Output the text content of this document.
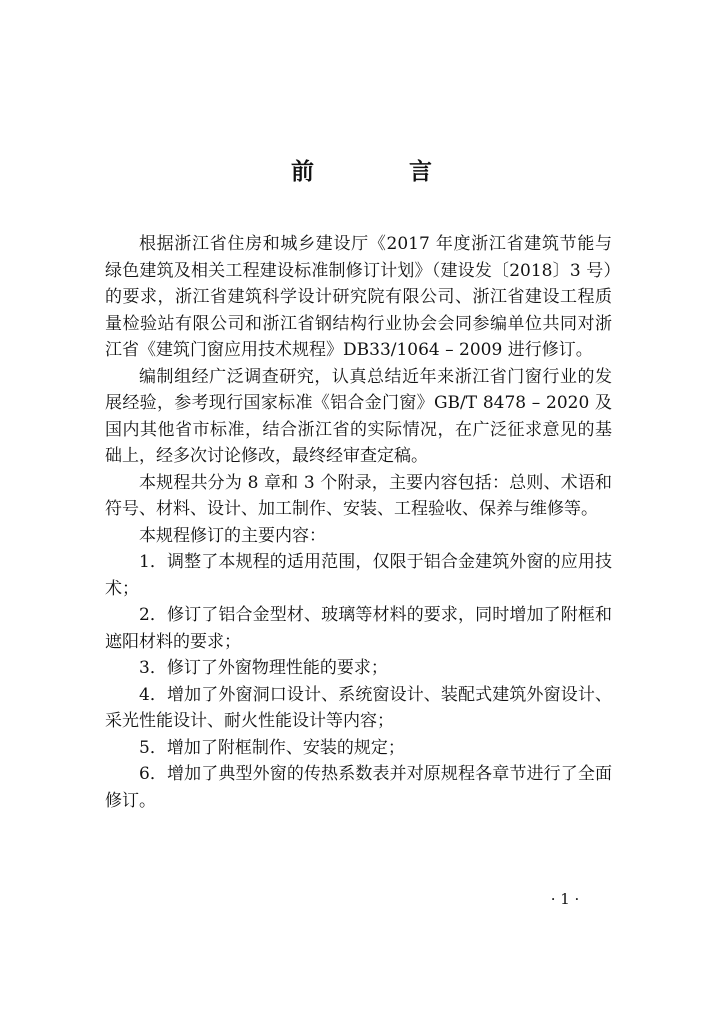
前　言

根据浙江省住房和城乡建设厅《2017 年度浙江省建筑节能与绿色建筑及相关工程建设标准制修订计划》（建设发〔2018〕3 号）的要求，浙江省建筑科学设计研究院有限公司、浙江省建设工程质量检验站有限公司和浙江省钢结构行业协会会同参编单位共同对浙江省《建筑门窗应用技术规程》DB33/1064 – 2009 进行修订。

编制组经广泛调查研究，认真总结近年来浙江省门窗行业的发展经验，参考现行国家标准《铝合金门窗》GB/T 8478 – 2020 及国内其他省市标准，结合浙江省的实际情况，在广泛征求意见的基础上，经多次讨论修改，最终经审查定稿。

本规程共分为 8 章和 3 个附录，主要内容包括：总则、术语和符号、材料、设计、加工制作、安装、工程验收、保养与维修等。

本规程修订的主要内容：

1．调整了本规程的适用范围，仅限于铝合金建筑外窗的应用技术；

2．修订了铝合金型材、玻璃等材料的要求，同时增加了附框和遮阳材料的要求；

3．修订了外窗物理性能的要求；

4．增加了外窗洞口设计、系统窗设计、装配式建筑外窗设计、采光性能设计、耐火性能设计等内容；

5．增加了附框制作、安装的规定；

6．增加了典型外窗的传热系数表并对原规程各章节进行了全面修订。

· 1 ·
